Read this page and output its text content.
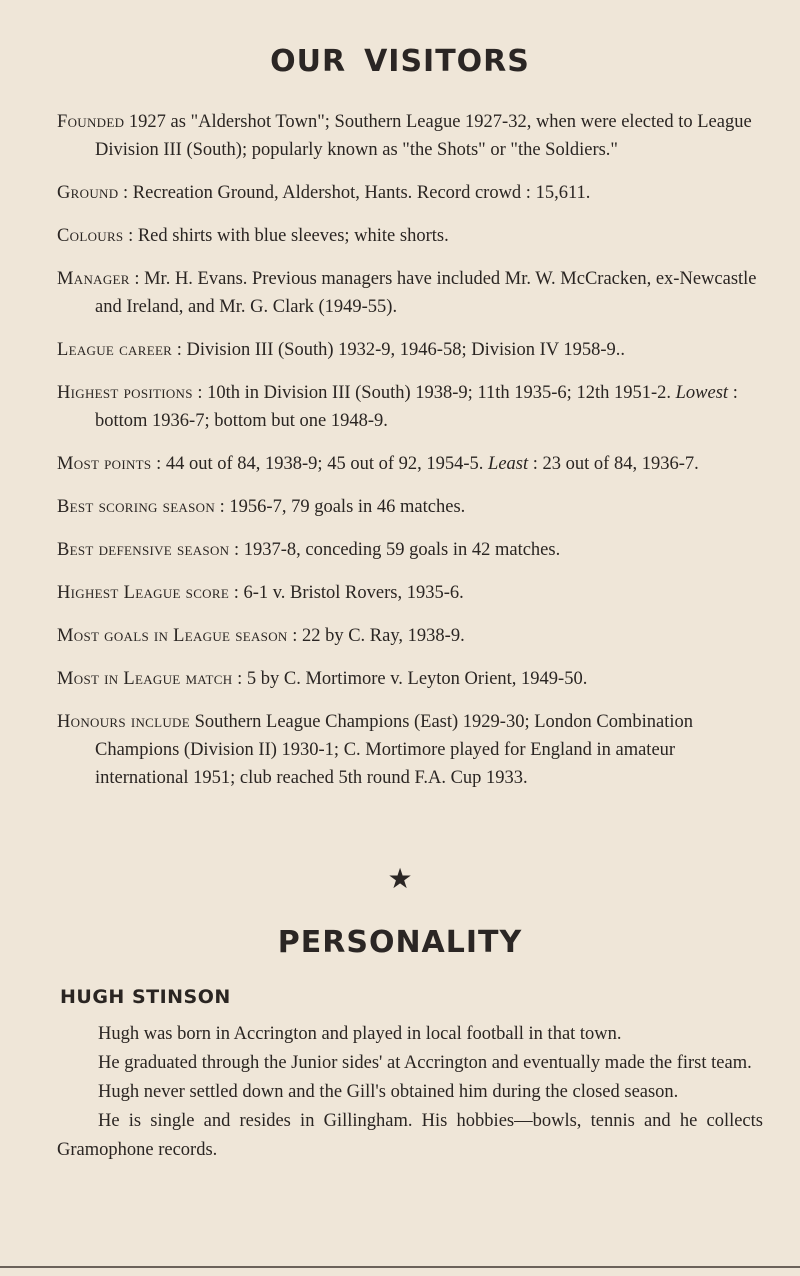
OUR VISITORS

Founded 1927 as "Aldershot Town"; Southern League 1927-32, when were elected to League Division III (South); popularly known as "the Shots" or "the Soldiers."

Ground : Recreation Ground, Aldershot, Hants. Record crowd : 15,611.

Colours : Red shirts with blue sleeves; white shorts.

Manager : Mr. H. Evans. Previous managers have included Mr. W. McCracken, ex-Newcastle and Ireland, and Mr. G. Clark (1949-55).

League career : Division III (South) 1932-9, 1946-58; Division IV 1958-9..

Highest positions : 10th in Division III (South) 1938-9; 11th 1935-6; 12th 1951-2. Lowest : bottom 1936-7; bottom but one 1948-9.

Most points : 44 out of 84, 1938-9; 45 out of 92, 1954-5. Least : 23 out of 84, 1936-7.

Best scoring season : 1956-7, 79 goals in 46 matches.

Best defensive season : 1937-8, conceding 59 goals in 42 matches.

Highest League score : 6-1 v. Bristol Rovers, 1935-6.

Most goals in League season : 22 by C. Ray, 1938-9.

Most in League match : 5 by C. Mortimore v. Leyton Orient, 1949-50.

Honours include Southern League Champions (East) 1929-30; London Combination Champions (Division II) 1930-1; C. Mortimore played for England in amateur international 1951; club reached 5th round F.A. Cup 1933.

★
PERSONALITY
HUGH STINSON

Hugh was born in Accrington and played in local football in that town.

He graduated through the Junior sides' at Accrington and eventually made the first team.

Hugh never settled down and the Gill's obtained him during the closed season.

He is single and resides in Gillingham. His hobbies—bowls, tennis and he collects Gramophone records.
